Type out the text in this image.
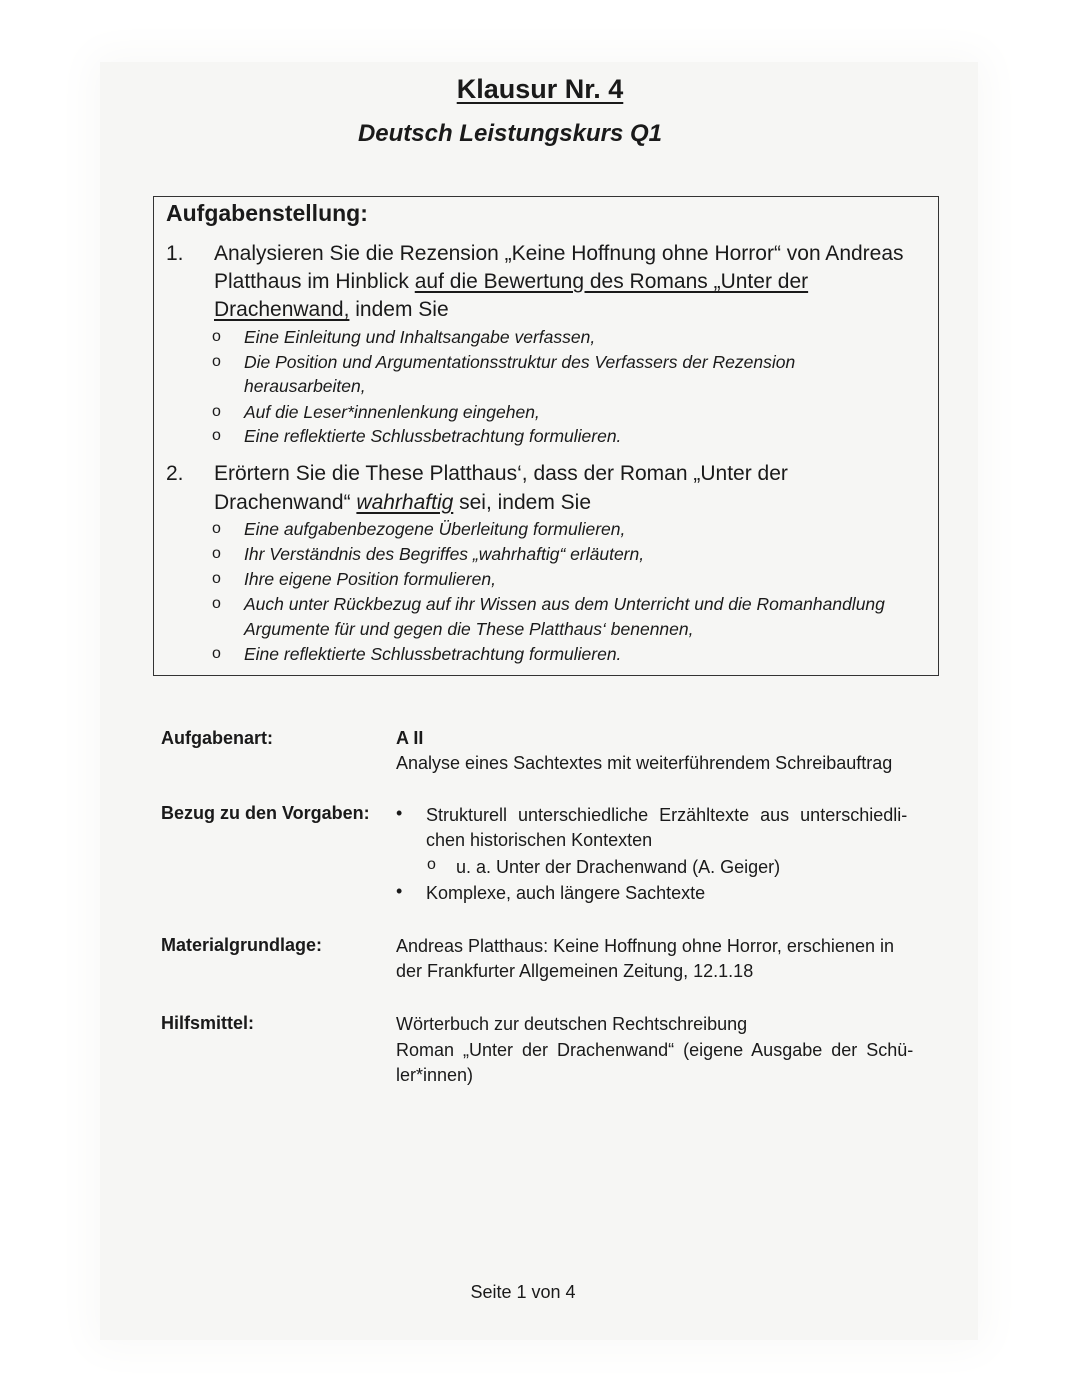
Klausur Nr. 4
Deutsch Leistungskurs Q1
Aufgabenstellung:
1. Analysieren Sie die Rezension „Keine Hoffnung ohne Horror“ von Andreas
Platthaus im Hinblick auf die Bewertung des Romans „Unter der
Drachenwand, indem Sie
o Eine Einleitung und Inhaltsangabe verfassen,
o Die Position und Argumentationsstruktur des Verfassers der Rezension
herausarbeiten,
o Auf die Leser*innenlenkung eingehen,
o Eine reflektierte Schlussbetrachtung formulieren.
2. Erörtern Sie die These Platthaus‘, dass der Roman „Unter der
Drachenwand“ wahrhaftig sei, indem Sie
o Eine aufgabenbezogene Überleitung formulieren,
o Ihr Verständnis des Begriffes „wahrhaftig“ erläutern,
o Ihre eigene Position formulieren,
o Auch unter Rückbezug auf ihr Wissen aus dem Unterricht und die Romanhandlung
Argumente für und gegen die These Platthaus‘ benennen,
o Eine reflektierte Schlussbetrachtung formulieren.
Aufgabenart:	A II
Analyse eines Sachtextes mit weiterführendem Schreibauftrag
Bezug zu den Vorgaben: • Strukturell unterschiedliche Erzähltexte aus unterschiedli-
chen historischen Kontexten
o u. a. Unter der Drachenwand (A. Geiger)
• Komplexe, auch längere Sachtexte
Materialgrundlage:	Andreas Platthaus: Keine Hoffnung ohne Horror, erschienen in
der Frankfurter Allgemeinen Zeitung, 12.1.18
Hilfsmittel:	Wörterbuch zur deutschen Rechtschreibung
Roman „Unter der Drachenwand“ (eigene Ausgabe der Schü-
ler*innen)
Seite 1 von 4
